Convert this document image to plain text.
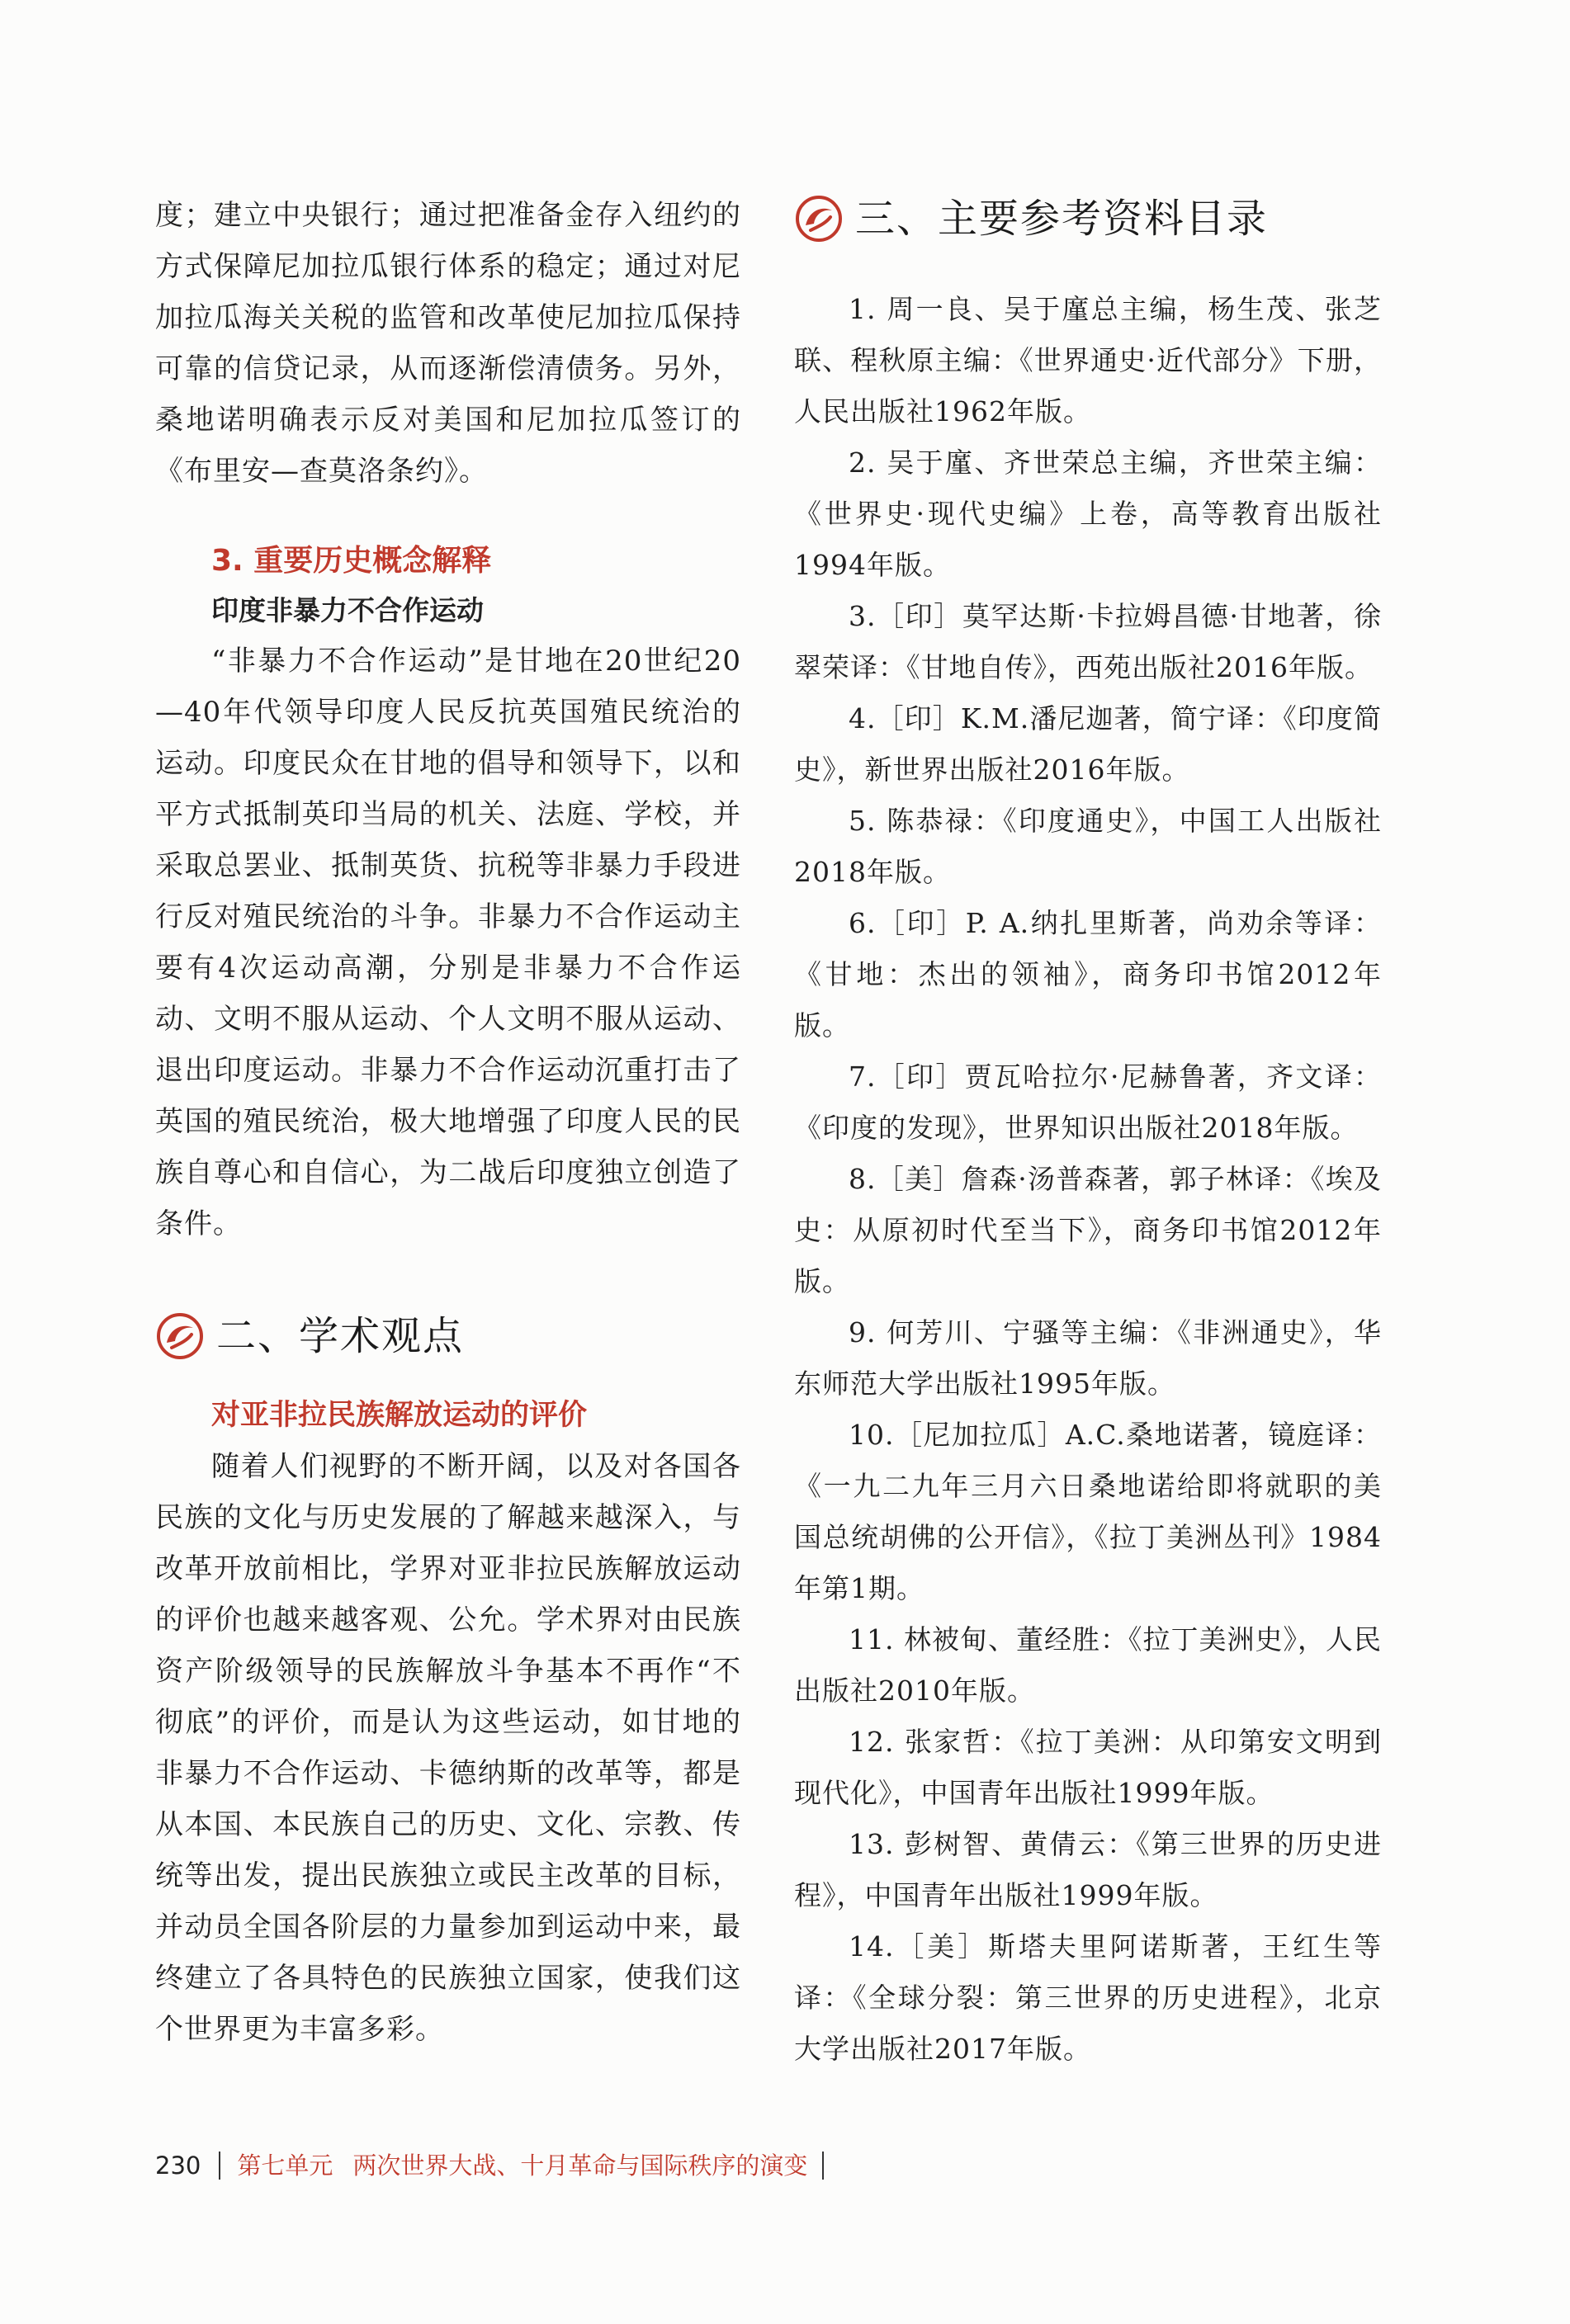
度；建立中央银行；通过把准备金存入纽约的方式保障尼加拉瓜银行体系的稳定；通过对尼加拉瓜海关关税的监管和改革使尼加拉瓜保持可靠的信贷记录，从而逐渐偿清债务。另外，桑地诺明确表示反对美国和尼加拉瓜签订的《布里安—查莫洛条约》。

3. 重要历史概念解释
印度非暴力不合作运动

“非暴力不合作运动”是甘地在20世纪20—40年代领导印度人民反抗英国殖民统治的运动。印度民众在甘地的倡导和领导下，以和平方式抵制英印当局的机关、法庭、学校，并采取总罢业、抵制英货、抗税等非暴力手段进行反对殖民统治的斗争。非暴力不合作运动主要有4次运动高潮，分别是非暴力不合作运动、文明不服从运动、个人文明不服从运动、退出印度运动。非暴力不合作运动沉重打击了英国的殖民统治，极大地增强了印度人民的民族自尊心和自信心，为二战后印度独立创造了条件。

二、学术观点
对亚非拉民族解放运动的评价

随着人们视野的不断开阔，以及对各国各民族的文化与历史发展的了解越来越深入，与改革开放前相比，学界对亚非拉民族解放运动的评价也越来越客观、公允。学术界对由民族资产阶级领导的民族解放斗争基本不再作“不彻底”的评价，而是认为这些运动，如甘地的非暴力不合作运动、卡德纳斯的改革等，都是从本国、本民族自己的历史、文化、宗教、传统等出发，提出民族独立或民主改革的目标，并动员全国各阶层的力量参加到运动中来，最终建立了各具特色的民族独立国家，使我们这个世界更为丰富多彩。

三、主要参考资料目录
1. 周一良、吴于廑总主编，杨生茂、张芝联、程秋原主编：《世界通史·近代部分》下册，人民出版社1962年版。
2. 吴于廑、齐世荣总主编，齐世荣主编：《世界史·现代史编》上卷，高等教育出版社1994年版。
3.［印］莫罕达斯·卡拉姆昌德·甘地著，徐翠荣译：《甘地自传》，西苑出版社2016年版。
4.［印］K.M.潘尼迦著，简宁译：《印度简史》，新世界出版社2016年版。
5. 陈恭禄：《印度通史》，中国工人出版社2018年版。
6.［印］P. A.纳扎里斯著，尚劝余等译：《甘地：杰出的领袖》，商务印书馆2012年版。
7.［印］贾瓦哈拉尔·尼赫鲁著，齐文译：《印度的发现》，世界知识出版社2018年版。
8.［美］詹森·汤普森著，郭子林译：《埃及史：从原初时代至当下》，商务印书馆2012年版。
9. 何芳川、宁骚等主编：《非洲通史》，华东师范大学出版社1995年版。
10.［尼加拉瓜］A.C.桑地诺著，镜庭译：《一九二九年三月六日桑地诺给即将就职的美国总统胡佛的公开信》，《拉丁美洲丛刊》1984年第1期。
11. 林被甸、董经胜：《拉丁美洲史》，人民出版社2010年版。
12. 张家哲：《拉丁美洲：从印第安文明到现代化》，中国青年出版社1999年版。
13. 彭树智、黄倩云：《第三世界的历史进程》，中国青年出版社1999年版。
14.［美］斯塔夫里阿诺斯著，王红生等译：《全球分裂：第三世界的历史进程》，北京大学出版社2017年版。
230 第七单元 两次世界大战、十月革命与国际秩序的演变
